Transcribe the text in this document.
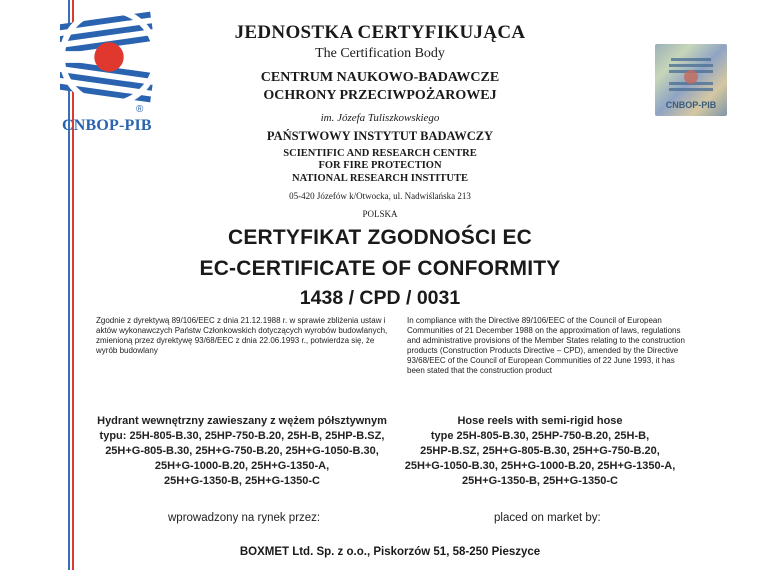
®
CNBOP-PIB
CNBOP-PIB
JEDNOSTKA CERTYFIKUJĄCA
The Certification Body
CENTRUM NAUKOWO-BADAWCZE
OCHRONY PRZECIWPOŻAROWEJ
im. Józefa Tuliszkowskiego
PAŃSTWOWY INSTYTUT BADAWCZY
SCIENTIFIC AND RESEARCH CENTRE
FOR FIRE PROTECTION
NATIONAL RESEARCH INSTITUTE
05-420 Józefów k/Otwocka, ul. Nadwiślańska 213
POLSKA
CERTYFIKAT ZGODNOŚCI EC
EC-CERTIFICATE OF CONFORMITY
1438 / CPD / 0031
Zgodnie z dyrektywą 89/106/EEC z dnia 21.12.1988 r. w sprawie zbliżenia ustaw i aktów wykonawczych Państw Członkowskich dotyczących wyrobów budowlanych, zmienioną przez dyrektywę 93/68/EEC z dnia 22.06.1993 r., potwierdza się, że wyrób budowlany
In compliance with the Directive 89/106/EEC of the Council of European Communities of 21 December 1988 on the approximation of laws, regulations and administrative provisions of the Member States relating to the construction products (Construction Products Directive – CPD), amended by the Directive 93/68/EEC of the Council of European Communities of 22 June 1993, it has been stated that the construction product
Hydrant wewnętrzny zawieszany z wężem półsztywnym
typu: 25H-805-B.30, 25HP-750-B.20, 25H-B, 25HP-B.SZ,
25H+G-805-B.30, 25H+G-750-B.20, 25H+G-1050-B.30,
25H+G-1000-B.20, 25H+G-1350-A,
25H+G-1350-B, 25H+G-1350-C
Hose reels with semi-rigid hose
type 25H-805-B.30, 25HP-750-B.20, 25H-B,
25HP-B.SZ, 25H+G-805-B.30, 25H+G-750-B.20,
25H+G-1050-B.30, 25H+G-1000-B.20, 25H+G-1350-A,
25H+G-1350-B, 25H+G-1350-C
wprowadzony na rynek przez:	placed on market by:
BOXMET Ltd. Sp. z o.o., Piskorzów 51, 58-250 Pieszyce
